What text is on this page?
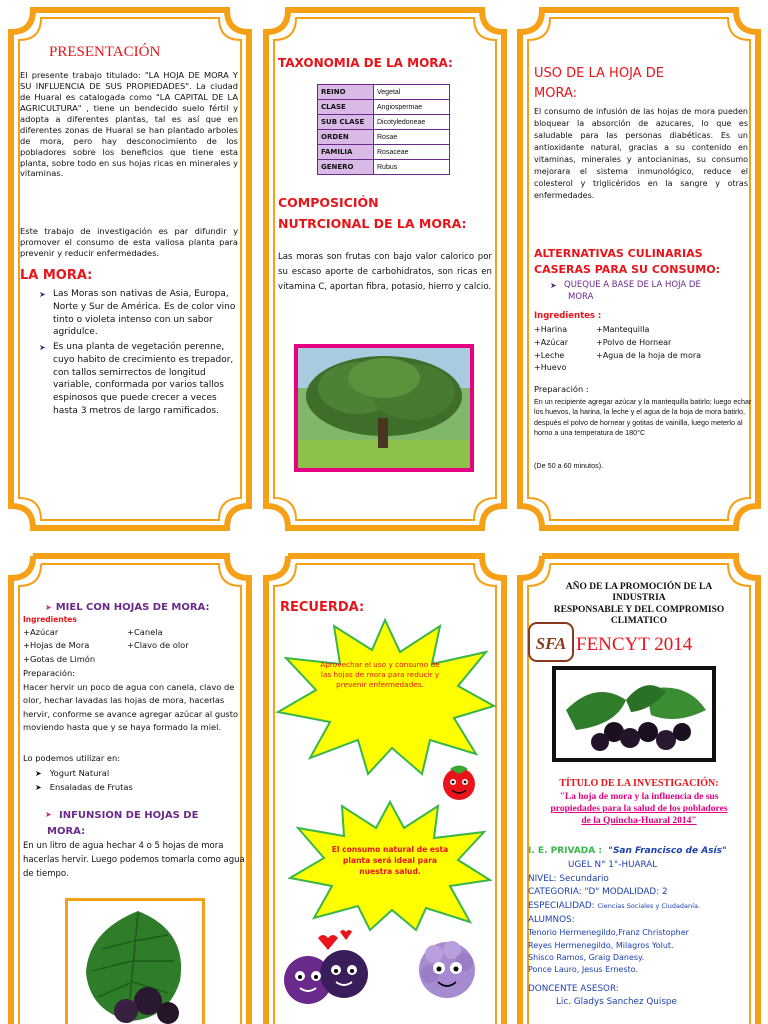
PRESENTACIÓN
El presente trabajo titulado: "LA HOJA DE MORA Y SU INFLUENCIA DE SUS PROPIEDADES". La ciudad de Huaral es catalogada como "LA CAPITAL DE LA AGRICULTURA" , tiene un bendecido suelo fértil y adopta a diferentes plantas, tal es así que en diferentes zonas de Huaral se han plantado arboles de mora, pero hay desconocimiento de los pobladores sobre los beneficios que tiene esta planta, sobre todo en sus hojas ricas en minerales y vitaminas.
Este trabajo de investigación es par difundir y promover el consumo de esta valiosa planta para prevenir y reducir enfermedades.
LA MORA:
➤ Las Moras son nativas de Asia, Europa, Norte y Sur de América. Es de color vino tinto o violeta intenso con un sabor agridulce.
➤ Es una planta de vegetación perenne, cuyo habito de crecimiento es trepador, con tallos semirrectos de longitud variable, conformada por varios tallos espinosos que puede crecer a veces hasta 3 metros de largo ramificados.
TAXONOMIA DE LA MORA:
REINO	Vegetal
CLASE	Angiospermae
SUB CLASE	Dicotyledoneae
ORDEN	Rosae
FAMILIA	Rosaceae
GENERO	Rubus
COMPOSICIÓN
NUTRCIONAL DE LA MORA:
Las moras son frutas con bajo valor calorico por su escaso aporte de carbohidratos, son ricas en vitamina C, aportan fibra, potasio, hierro y calcio.
USO DE LA HOJA DE
MORA:
El consumo de infusión de las hojas de mora pueden bloquear la absorción de azucares, lo que es saludable para las personas diabéticas. Es un antioxidante natural, gracias a su contenido en vitaminas, minerales y antocianinas, su consumo mejorara el sistema inmunológico, reduce el colesterol y triglicéridos en la sangre y otras enfermedades.
ALTERNATIVAS CULINARIAS
CASERAS PARA SU CONSUMO:
➤ QUEQUE A BASE DE LA HOJA DE
MORA
Ingredientes :
+Harina	+Mantequilla
+Azúcar	+Polvo de Hornear
+Leche	+Agua de la hoja de mora
+Huevo
Preparación :
En un recipiente agregar azúcar y la mantequilla batirlo; luego echar los huevos, la harina, la leche y el agua de la hoja de mora batirlo, después el polvo de hornear y gotitas de vainilla, luego meterlo al horno a una temperatura de 180°C
(De 50 a 60 minutos).
➤ MIEL CON HOJAS DE MORA:
Ingredientes
+Azúcar	+Canela
+Hojas de Mora	+Clavo de olor
+Gotas de Limón
Preparación:
Hacer hervir un poco de agua con canela, clavo de olor, hechar lavadas las hojas de mora, hacerlas hervir, conforme se avance agregar azúcar al gusto moviendo hasta que y se haya formado la miel.
Lo podemos utilizar en:
➤ Yogurt Natural
➤ Ensaladas de Frutas
➤ INFUNSION DE HOJAS DE
MORA:
En un litro de agua hechar 4 o 5 hojas de mora hacerlas hervir. Luego podemos tomarla como agua de tiempo.
RECUERDA:
Aprovechar el uso y consumo de las hojas de mora para reducir y prevenir enfermedades.
El consumo natural de esta planta será ideal para nuestra salud.
AÑO DE LA PROMOCIÓN DE LA
INDUSTRIA
RESPONSABLE Y DEL COMPROMISO
CLIMATICO
SFA FENCYT 2014
TÍTULO DE LA INVESTIGACIÓN:
"La hoja de mora y la influencia de sus
propiedades para la salud de los pobladores
de la Quincha-Huaral 2014"
I. E. PRIVADA : "San Francisco de Asís"
UGEL N° 1°-HUARAL
NIVEL: Secundario
CATEGORIA: "D" MODALIDAD: 2
ESPECIALIDAD: Ciencias Sociales y Ciudadanía.
ALUMNOS:
Tenorio Hermenegildo,Franz Christopher
Reyes Hermenegildo, Milagros Yolut.
Shisco Ramos, Graig Danesy.
Ponce Lauro, Jesus Ernesto.
DONCENTE ASESOR:
Lic. Gladys Sanchez Quispe
